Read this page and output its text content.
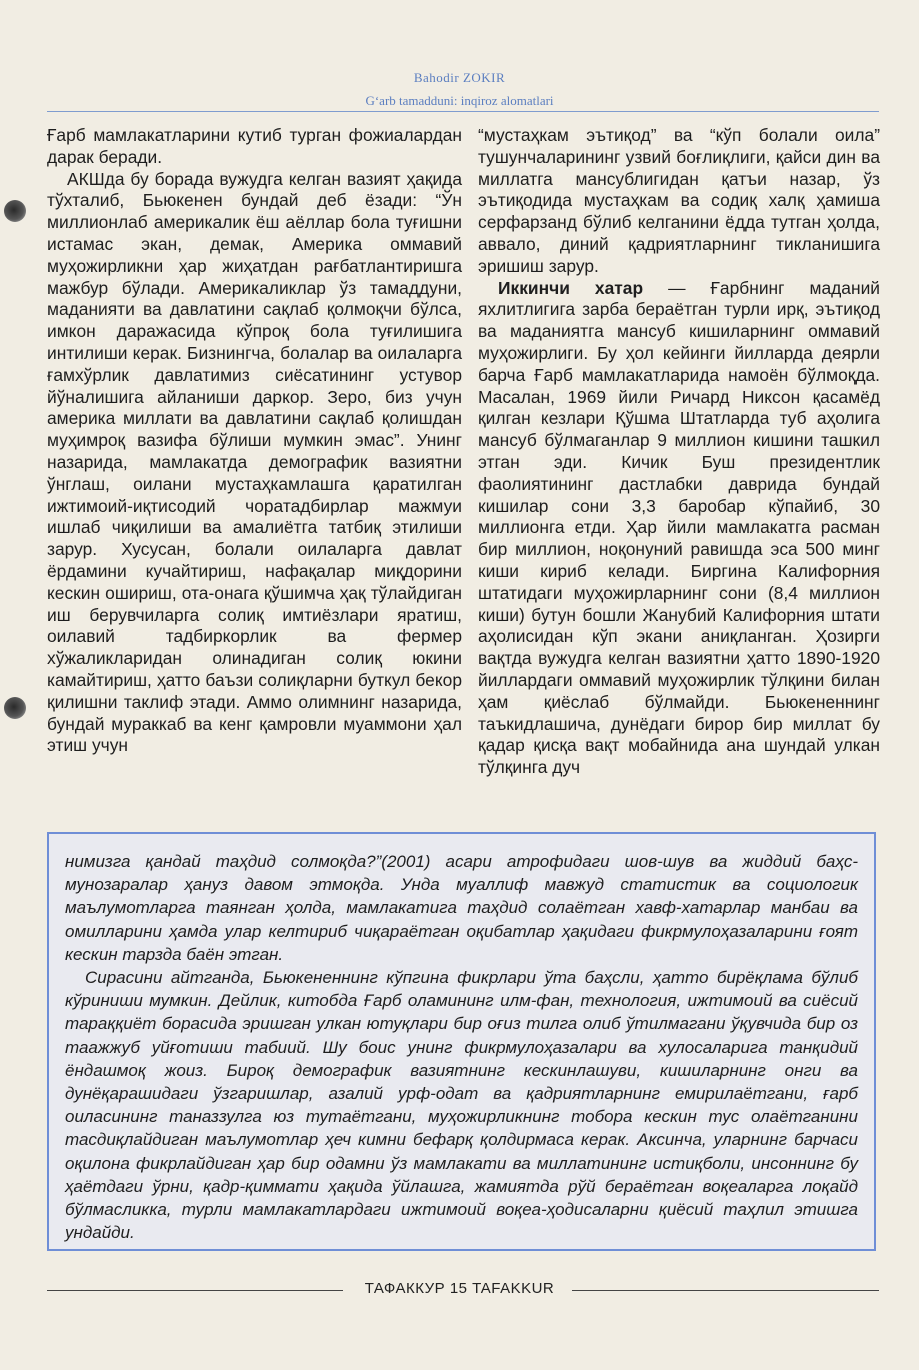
Bahodir ZOKIR
G‘arb tamadduni: inqiroz alomatlari

Ғарб мамлакатларини кутиб турган фожиалардан дарак беради.

АКШда бу борада вужудга келган вазият ҳақида тўхталиб, Бьюкенен бундай деб ёзади: “Ўн миллионлаб америкалик ёш аёллар бола туғишни истамас экан, демак, Америка оммавий муҳожирликни ҳар жиҳатдан рағбатлантиришга мажбур бўлади. Америкаликлар ўз тамаддуни, маданияти ва давлатини сақлаб қолмоқчи бўлса, имкон даражасида кўпроқ бола туғилишига интилиши керак. Бизнингча, болалар ва оилаларга ғамхўрлик давлатимиз сиёсатининг устувор йўналишига айланиши даркор. Зеро, биз учун америка миллати ва давлатини сақлаб қолишдан муҳимроқ вазифа бўлиши мумкин эмас”. Унинг назарида, мамлакатда демографик вазиятни ўнглаш, оилани мустаҳкамлашга қаратилган ижтимоий-иқтисодий чоратадбирлар мажмуи ишлаб чиқилиши ва амалиётга татбиқ этилиши зарур. Хусусан, болали оилаларга давлат ёрдамини кучайтириш, нафақалар миқдорини кескин ошириш, ота-онага қўшимча ҳақ тўлайдиган иш берувчиларга солиқ имтиёзлари яратиш, оилавий тадбиркорлик ва фермер хўжаликларидан олинадиган солиқ юкини камайтириш, ҳатто баъзи солиқларни буткул бекор қилишни таклиф этади. Аммо олимнинг назарида, бундай мураккаб ва кенг қамровли муаммони ҳал этиш учун

“мустаҳкам эътиқод” ва “кўп болали оила” тушунчаларининг узвий боғлиқлиги, қайси дин ва миллатга мансублигидан қатъи назар, ўз эътиқодида мустаҳкам ва содиқ халқ ҳамиша серфарзанд бўлиб келганини ёдда тутган ҳолда, аввало, диний қадриятларнинг тикланишига эришиш зарур.

Иккинчи хатар — Ғарбнинг маданий яхлитлигига зарба бераётган турли ирқ, эътиқод ва маданиятга мансуб кишиларнинг оммавий муҳожирлиги. Бу ҳол кейинги йилларда деярли барча Ғарб мамлакатларида намоён бўлмоқда. Масалан, 1969 йили Ричард Никсон қасамёд қилган кезлари Қўшма Штатларда туб аҳолига мансуб бўлмаганлар 9 миллион кишини ташкил этган эди. Кичик Буш президентлик фаолиятининг дастлабки даврида бундай кишилар сони 3,3 баробар кўпайиб, 30 миллионга етди. Ҳар йили мамлакатга расман бир миллион, ноқонуний равишда эса 500 минг киши кириб келади. Биргина Калифорния штатидаги муҳожирларнинг сони (8,4 миллион киши) бутун бошли Жанубий Калифорния штати аҳолисидан кўп экани аниқланган. Ҳозирги вақтда вужудга келган вазиятни ҳатто 1890-1920 йиллардаги оммавий муҳожирлик тўлқини билан ҳам қиёслаб бўлмайди. Бьюкененнинг таъкидлашича, дунёдаги бирор бир миллат бу қадар қисқа вақт мобайнида ана шундай улкан тўлқинга дуч

нимизга қандай таҳдид солмоқда?”(2001) асари атрофидаги шов-шув ва жиддий баҳс-мунозаралар ҳануз давом этмоқда. Унда муаллиф мавжуд статистик ва социологик маълумотларга таянган ҳолда, мамлакатига таҳдид солаётган хавф-хатарлар манбаи ва омилларини ҳамда улар келтириб чиқараётган оқибатлар ҳақидаги фикрмулоҳазаларини ғоят кескин тарзда баён этган.

Сирасини айтганда, Бьюкененнинг кўпгина фикрлари ўта баҳсли, ҳатто бирёқлама бўлиб кўриниши мумкин. Дейлик, китобда Ғарб оламининг илм-фан, технология, ижтимоий ва сиёсий тараққиёт борасида эришган улкан ютуқлари бир оғиз тилга олиб ўтилмагани ўқувчида бир оз таажжуб уйғотиши табиий. Шу боис унинг фикрмулоҳазалари ва хулосаларига танқидий ёндашмоқ жоиз. Бироқ демографик вазиятнинг кескинлашуви, кишиларнинг онги ва дунёқарашидаги ўзгаришлар, азалий урф-одат ва қадриятларнинг емирилаётгани, ғарб оиласининг таназзулга юз тутаётгани, муҳожирликнинг тобора кескин тус олаётганини тасдиқлайдиган маълумотлар ҳеч кимни бефарқ қолдирмаса керак. Аксинча, уларнинг барчаси оқилона фикрлайдиган ҳар бир одамни ўз мамлакати ва миллатининг истиқболи, инсоннинг бу ҳаётдаги ўрни, қадр-қиммати ҳақида ўйлашга, жамиятда рўй бераётган воқеаларга лоқайд бўлмасликка, турли мамлакатлардаги ижтимоий воқеа-ҳодисаларни қиёсий таҳлил этишга ундайди.

ТАФАККУР 15 TAFAKKUR
